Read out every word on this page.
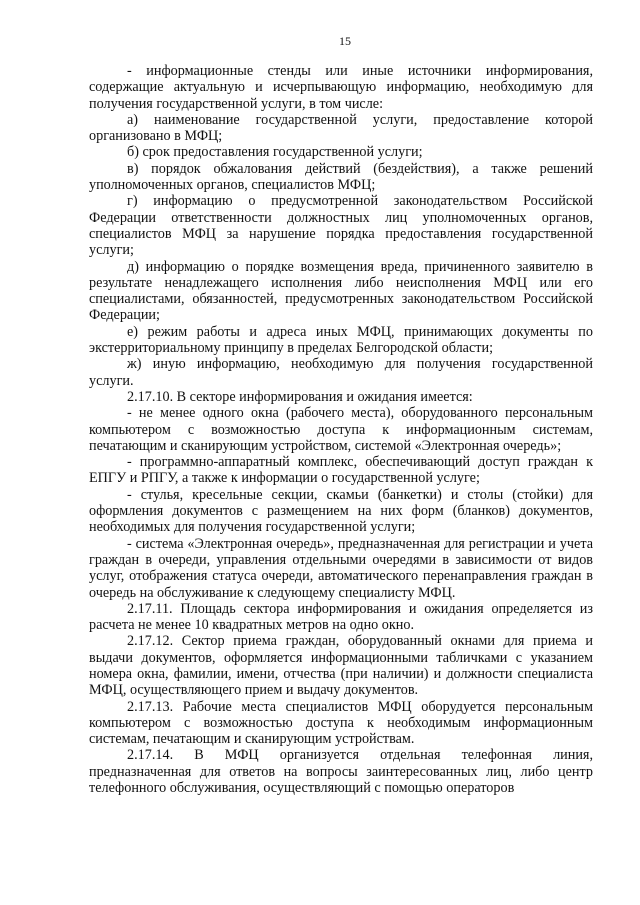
15

- информационные стенды или иные источники информирования, содержащие актуальную и исчерпывающую информацию, необходимую для получения государственной услуги, в том числе:

а) наименование государственной услуги, предоставление которой организовано в МФЦ;

б) срок предоставления государственной услуги;

в) порядок обжалования действий (бездействия), а также решений уполномоченных органов, специалистов МФЦ;

г) информацию о предусмотренной законодательством Российской Федерации ответственности должностных лиц уполномоченных органов, специалистов МФЦ за нарушение порядка предоставления государственной услуги;

д) информацию о порядке возмещения вреда, причиненного заявителю в результате ненадлежащего исполнения либо неисполнения МФЦ или его специалистами, обязанностей, предусмотренных законодательством Российской Федерации;

е) режим работы и адреса иных МФЦ, принимающих документы по экстерриториальному принципу в пределах Белгородской области;

ж) иную информацию, необходимую для получения государственной услуги.

2.17.10. В секторе информирования и ожидания имеется:

- не менее одного окна (рабочего места), оборудованного персональным компьютером с возможностью доступа к информационным системам, печатающим и сканирующим устройством, системой «Электронная очередь»;

- программно-аппаратный комплекс, обеспечивающий доступ граждан к ЕПГУ и РПГУ, а также к информации о государственной услуге;

- стулья, кресельные секции, скамьи (банкетки) и столы (стойки) для оформления документов с размещением на них форм (бланков) документов, необходимых для получения государственной услуги;

- система «Электронная очередь», предназначенная для регистрации и учета граждан в очереди, управления отдельными очередями в зависимости от видов услуг, отображения статуса очереди, автоматического перенаправления граждан в очередь на обслуживание к следующему специалисту МФЦ.

2.17.11. Площадь сектора информирования и ожидания определяется из расчета не менее 10 квадратных метров на одно окно.

2.17.12. Сектор приема граждан, оборудованный окнами для приема и выдачи документов, оформляется информационными табличками с указанием номера окна, фамилии, имени, отчества (при наличии) и должности специалиста МФЦ, осуществляющего прием и выдачу документов.

2.17.13. Рабочие места специалистов МФЦ оборудуется персональным компьютером с возможностью доступа к необходимым информационным системам, печатающим и сканирующим устройствам.

2.17.14. В МФЦ организуется отдельная телефонная линия, предназначенная для ответов на вопросы заинтересованных лиц, либо центр телефонного обслуживания, осуществляющий с помощью операторов
